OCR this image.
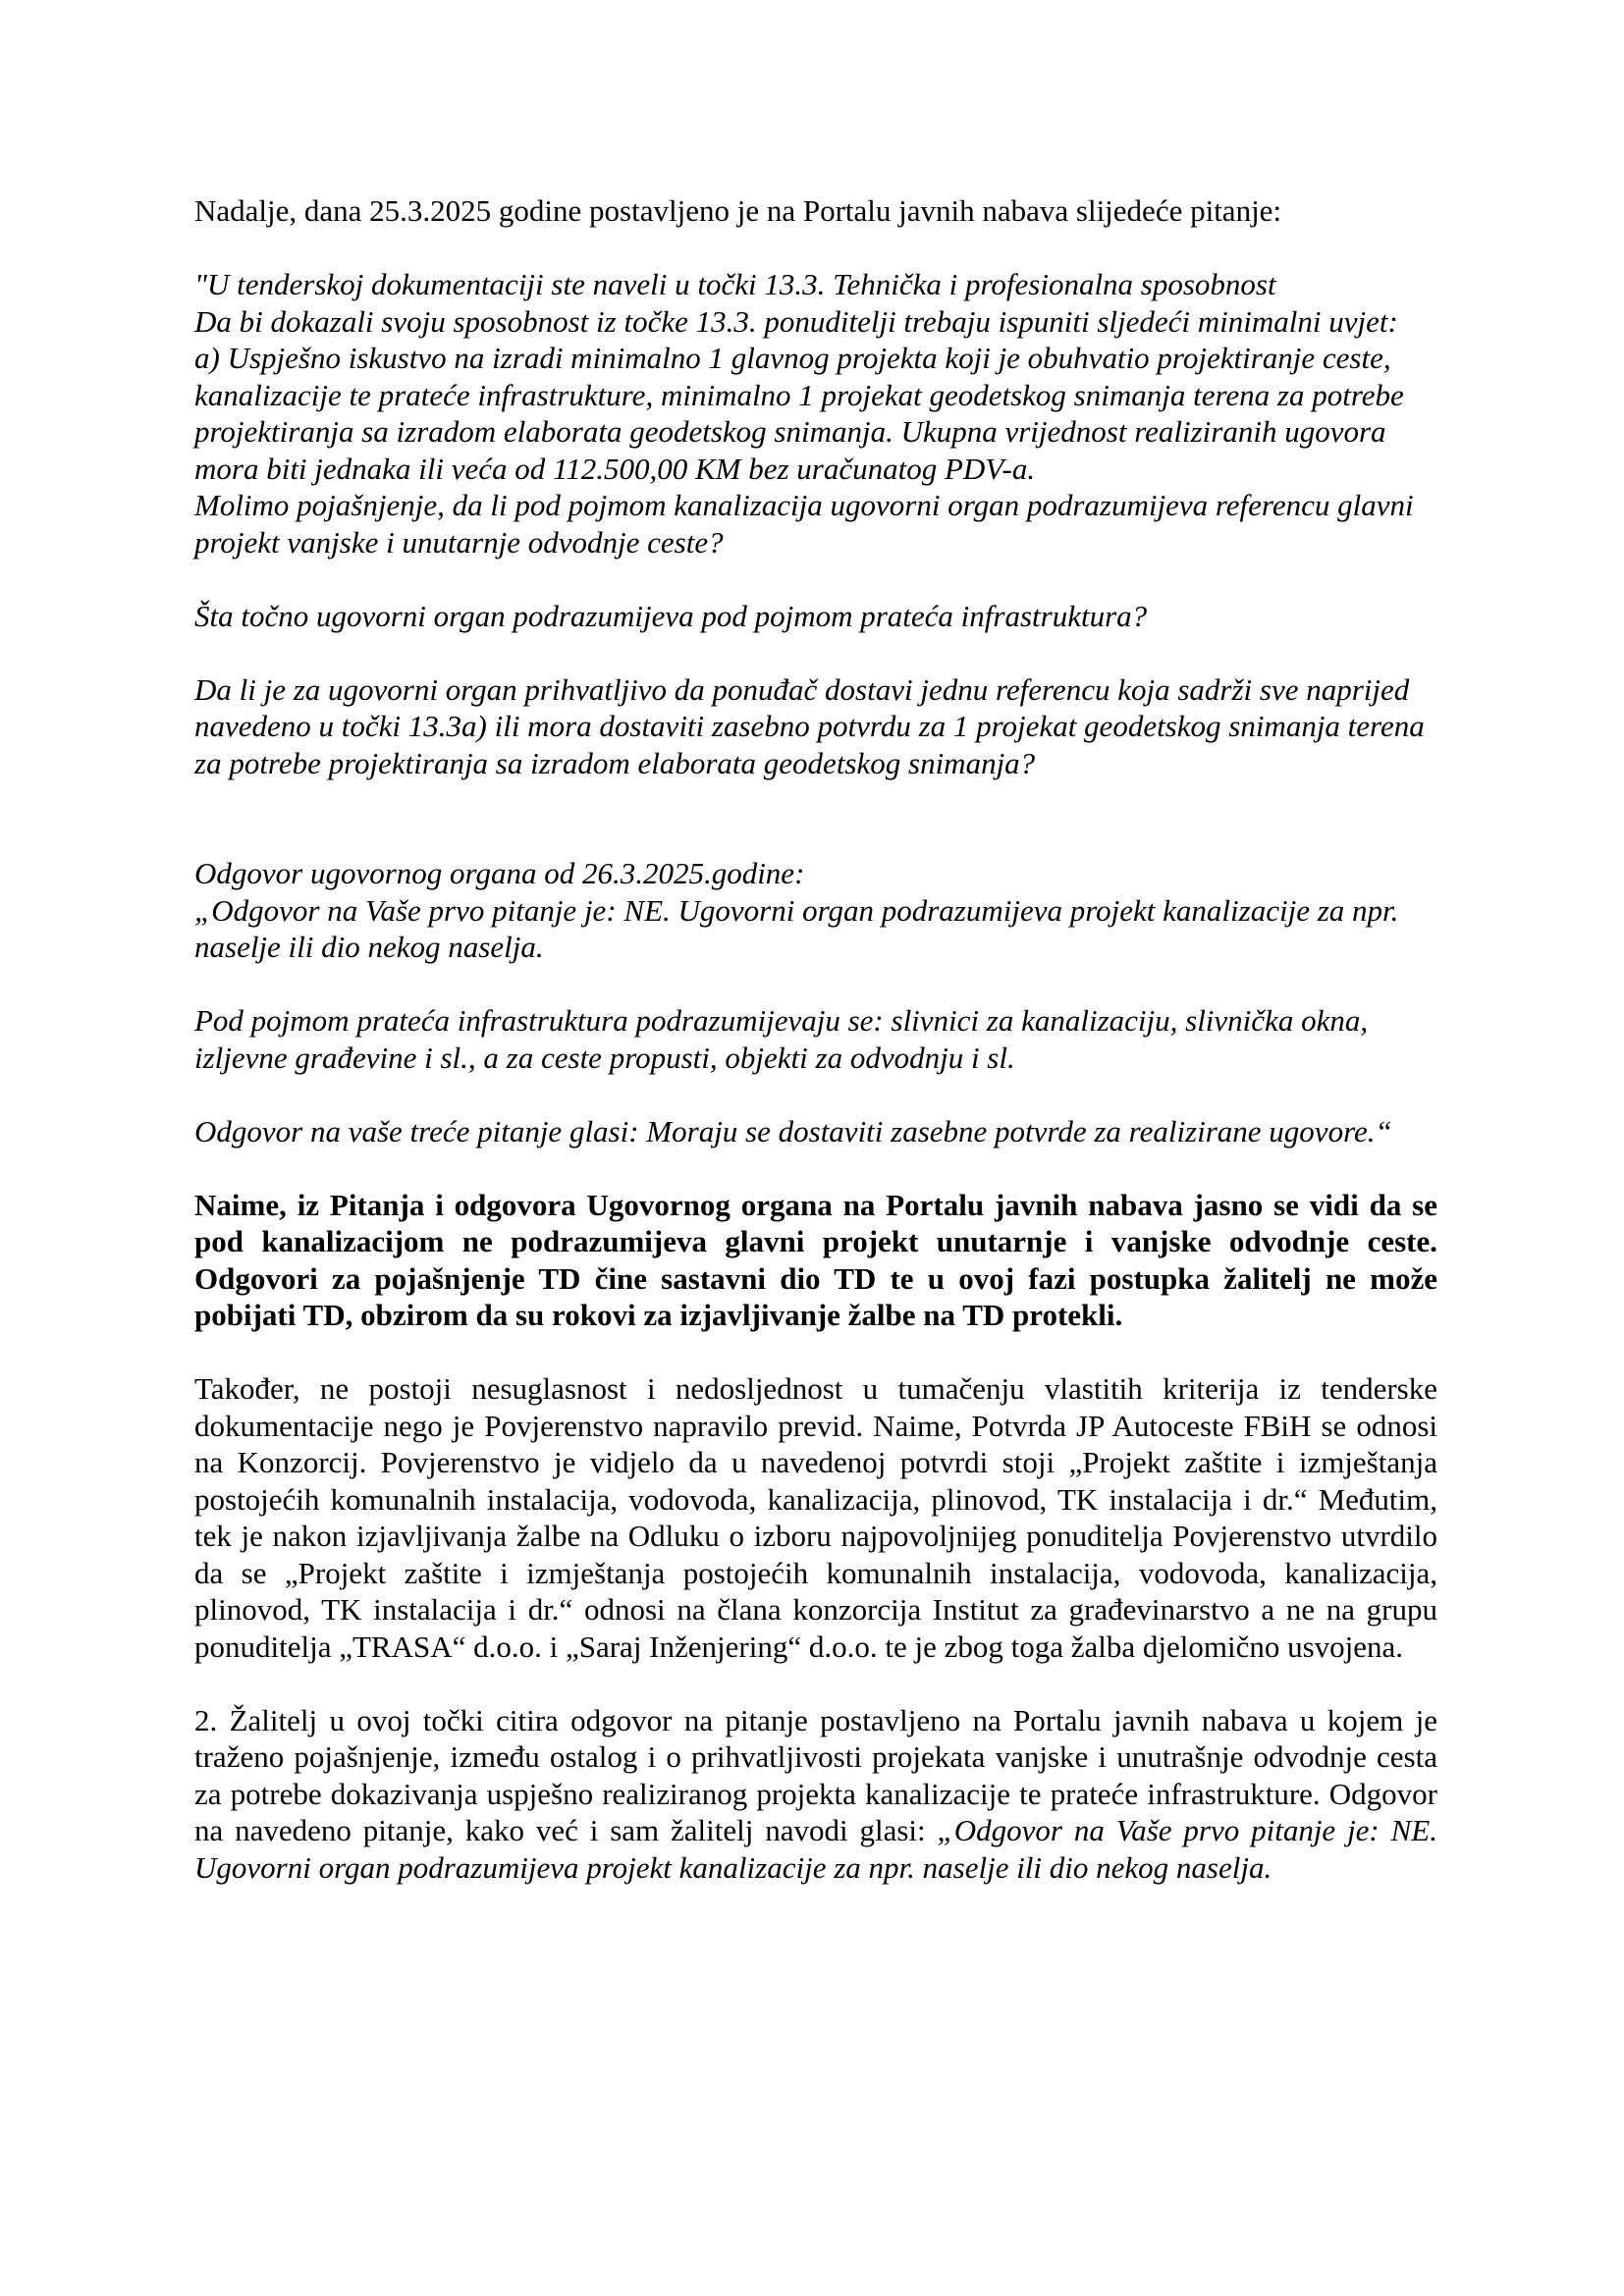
Nadalje, dana 25.3.2025 godine postavljeno je na Portalu javnih nabava slijedeće pitanje:

"U tenderskoj dokumentaciji ste naveli u točki 13.3. Tehnička i profesionalna sposobnost

Da bi dokazali svoju sposobnost iz točke 13.3. ponuditelji trebaju ispuniti sljedeći minimalni uvjet:

a) Uspješno iskustvo na izradi minimalno 1 glavnog projekta koji je obuhvatio projektiranje ceste, kanalizacije te prateće infrastrukture, minimalno 1 projekat geodetskog snimanja terena za potrebe projektiranja sa izradom elaborata geodetskog snimanja. Ukupna vrijednost realiziranih ugovora mora biti jednaka ili veća od 112.500,00 KM bez uračunatog PDV-a.

Molimo pojašnjenje, da li pod pojmom kanalizacija ugovorni organ podrazumijeva referencu glavni projekt vanjske i unutarnje odvodnje ceste?

Šta točno ugovorni organ podrazumijeva pod pojmom prateća infrastruktura?

Da li je za ugovorni organ prihvatljivo da ponuđač dostavi jednu referencu koja sadrži sve naprijed navedeno u točki 13.3a) ili mora dostaviti zasebno potvrdu za 1 projekat geodetskog snimanja terena za potrebe projektiranja sa izradom elaborata geodetskog snimanja?

Odgovor ugovornog organa od 26.3.2025.godine:

„Odgovor na Vaše prvo pitanje je: NE. Ugovorni organ podrazumijeva projekt kanalizacije za npr. naselje ili dio nekog naselja.

Pod pojmom prateća infrastruktura podrazumijevaju se: slivnici za kanalizaciju, slivnička okna, izljevne građevine i sl., a za ceste propusti, objekti za odvodnju i sl.

Odgovor na vaše treće pitanje glasi: Moraju se dostaviti zasebne potvrde za realizirane ugovore.“

Naime, iz Pitanja i odgovora Ugovornog organa na Portalu javnih nabava jasno se vidi da se pod kanalizacijom ne podrazumijeva glavni projekt unutarnje i vanjske odvodnje ceste. Odgovori za pojašnjenje TD čine sastavni dio TD te u ovoj fazi postupka žalitelj ne može pobijati TD, obzirom da su rokovi za izjavljivanje žalbe na TD protekli.

Također, ne postoji nesuglasnost i nedosljednost u tumačenju vlastitih kriterija iz tenderske dokumentacije nego je Povjerenstvo napravilo previd. Naime, Potvrda JP Autoceste FBiH se odnosi na Konzorcij. Povjerenstvo je vidjelo da u navedenoj potvrdi stoji „Projekt zaštite i izmještanja postojećih komunalnih instalacija, vodovoda, kanalizacija, plinovod, TK instalacija i dr.“ Međutim, tek je nakon izjavljivanja žalbe na Odluku o izboru najpovoljnijeg ponuditelja Povjerenstvo utvrdilo da se „Projekt zaštite i izmještanja postojećih komunalnih instalacija, vodovoda, kanalizacija, plinovod, TK instalacija i dr.“ odnosi na člana konzorcija Institut za građevinarstvo a ne na grupu ponuditelja „TRASA“ d.o.o. i „Saraj Inženjering“ d.o.o. te je zbog toga žalba djelomično usvojena.

2. Žalitelj u ovoj točki citira odgovor na pitanje postavljeno na Portalu javnih nabava u kojem je traženo pojašnjenje, između ostalog i o prihvatljivosti projekata vanjske i unutrašnje odvodnje cesta za potrebe dokazivanja uspješno realiziranog projekta kanalizacije te prateće infrastrukture. Odgovor na navedeno pitanje, kako već i sam žalitelj navodi glasi: „Odgovor na Vaše prvo pitanje je: NE. Ugovorni organ podrazumijeva projekt kanalizacije za npr. naselje ili dio nekog naselja.
